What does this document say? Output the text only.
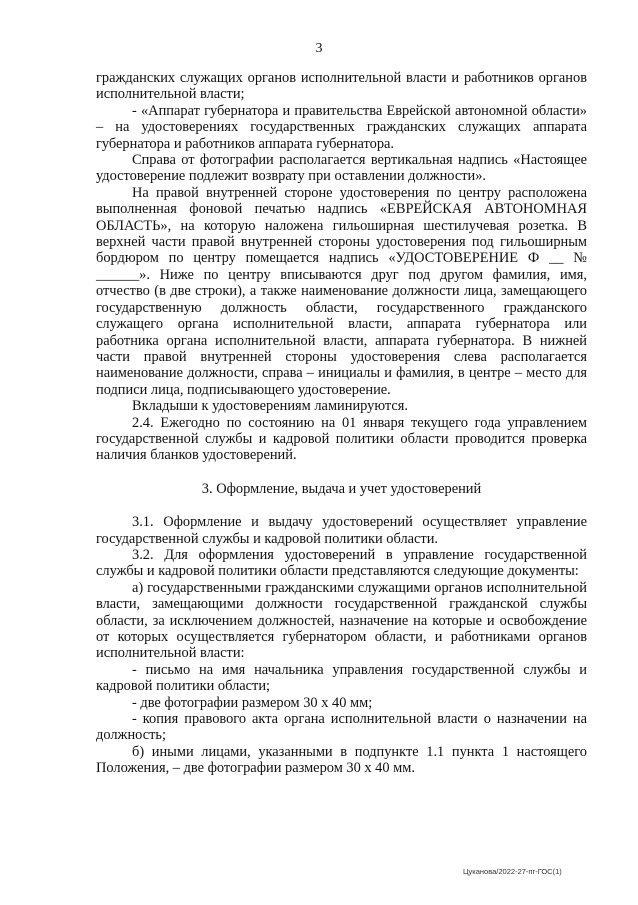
3

гражданских служащих органов исполнительной власти и работников органов исполнительной власти;

- «Аппарат губернатора и правительства Еврейской автономной области» – на удостоверениях государственных гражданских служащих аппарата губернатора и работников аппарата губернатора.

Справа от фотографии располагается вертикальная надпись «Настоящее удостоверение подлежит возврату при оставлении должности».

На правой внутренней стороне удостоверения по центру расположена выполненная фоновой печатью надпись «ЕВРЕЙСКАЯ АВТОНОМНАЯ ОБЛАСТЬ», на которую наложена гильоширная шестилучевая розетка. В верхней части правой внутренней стороны удостоверения под гильоширным бордюром по центру помещается надпись «УДОСТОВЕРЕНИЕ Ф __ № ______». Ниже по центру вписываются друг под другом фамилия, имя, отчество (в две строки), а также наименование должности лица, замещающего государственную должность области, государственного гражданского служащего органа исполнительной власти, аппарата губернатора или работника органа исполнительной власти, аппарата губернатора. В нижней части правой внутренней стороны удостоверения слева располагается наименование должности, справа – инициалы и фамилия, в центре – место для подписи лица, подписывающего удостоверение.

Вкладыши к удостоверениям ламинируются.

2.4. Ежегодно по состоянию на 01 января текущего года управлением государственной службы и кадровой политики области проводится проверка наличия бланков удостоверений.

3. Оформление, выдача и учет удостоверений

3.1. Оформление и выдачу удостоверений осуществляет управление государственной службы и кадровой политики области.

3.2. Для оформления удостоверений в управление государственной службы и кадровой политики области представляются следующие документы:

а) государственными гражданскими служащими органов исполнительной власти, замещающими должности государственной гражданской службы области, за исключением должностей, назначение на которые и освобождение от которых осуществляется губернатором области, и работниками органов исполнительной власти:

- письмо на имя начальника управления государственной службы и кадровой политики области;

- две фотографии размером 30 х 40 мм;

- копия правового акта органа исполнительной власти о назначении на должность;

б) иными лицами, указанными в подпункте 1.1 пункта 1 настоящего Положения, – две фотографии размером 30 х 40 мм.

Цуканова/2022-27-пг-ГОС(1)
